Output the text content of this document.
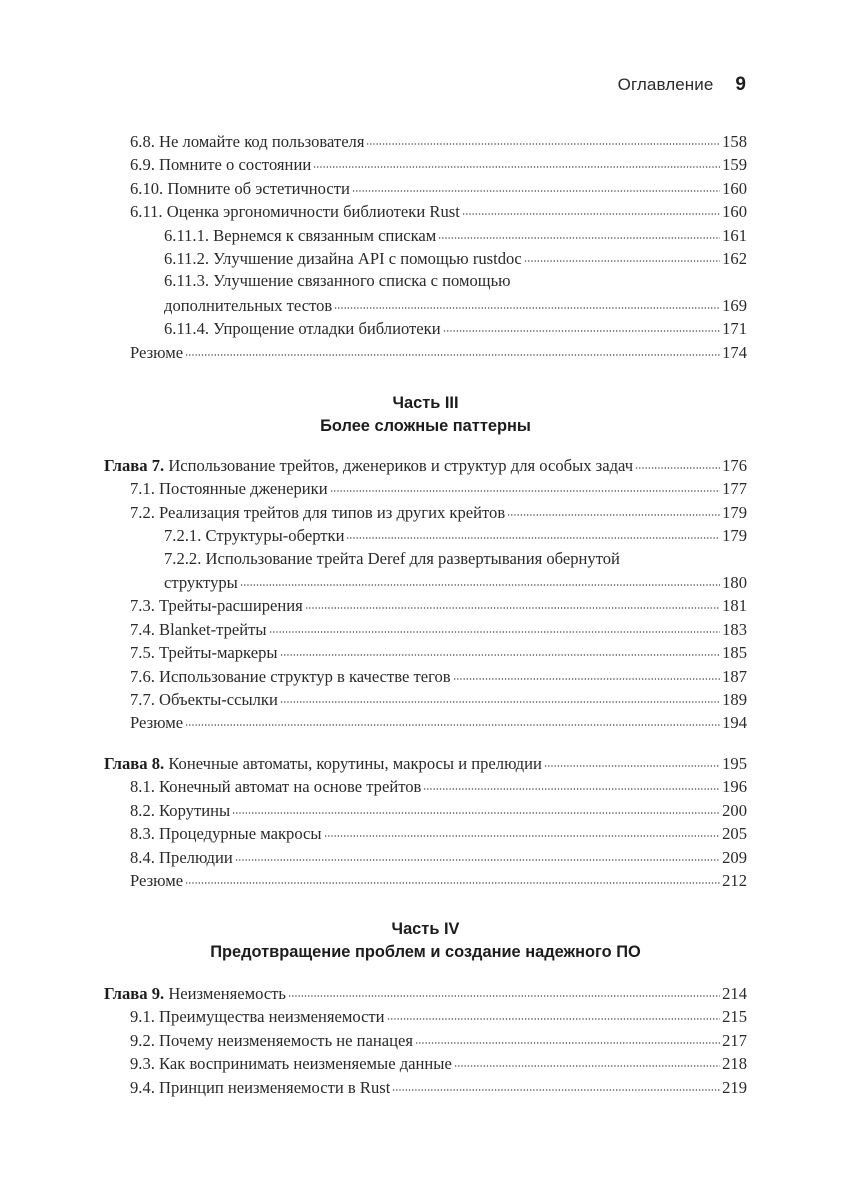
Оглавление 9
6.8. Не ломайте код пользователя	158
6.9. Помните о состоянии	159
6.10. Помните об эстетичности	160
6.11. Оценка эргономичности библиотеки Rust	160
6.11.1. Вернемся к связанным спискам	161
6.11.2. Улучшение дизайна API с помощью rustdoc	162
6.11.3. Улучшение связанного списка с помощью
дополнительных тестов	169
6.11.4. Упрощение отладки библиотеки	171
Резюме	174
Часть III
Более сложные паттерны
Глава 7. Использование трейтов, дженериков и структур для особых задач	176
7.1. Постоянные дженерики	177
7.2. Реализация трейтов для типов из других крейтов	179
7.2.1. Структуры-обертки	179
7.2.2. Использование трейта Deref для развертывания обернутой
структуры	180
7.3. Трейты-расширения	181
7.4. Blanket-трейты	183
7.5. Трейты-маркеры	185
7.6. Использование структур в качестве тегов	187
7.7. Объекты-ссылки	189
Резюме	194
Глава 8. Конечные автоматы, корутины, макросы и прелюдии	195
8.1. Конечный автомат на основе трейтов	196
8.2. Корутины	200
8.3. Процедурные макросы	205
8.4. Прелюдии	209
Резюме	212
Часть IV
Предотвращение проблем и создание надежного ПО
Глава 9. Неизменяемость	214
9.1. Преимущества неизменяемости	215
9.2. Почему неизменяемость не панацея	217
9.3. Как воспринимать неизменяемые данные	218
9.4. Принцип неизменяемости в Rust	219
